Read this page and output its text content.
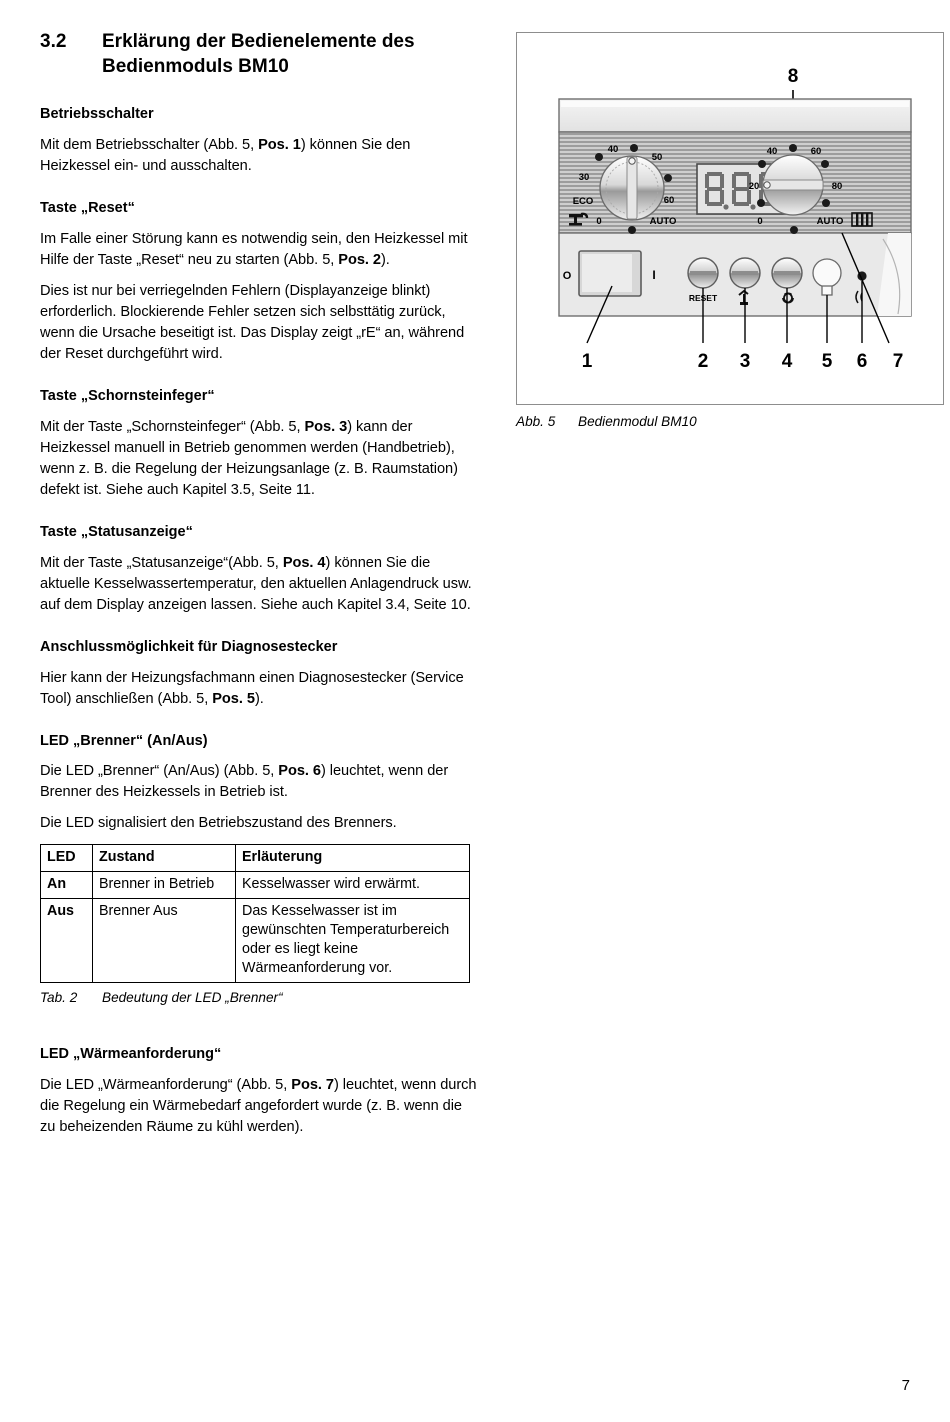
3.2	Erklärung der Bedienelemente des Bedienmoduls BM10
Betriebsschalter

Mit dem Betriebsschalter (Abb. 5, Pos. 1) können Sie den Heizkessel ein- und ausschalten.

Taste „Reset“

Im Falle einer Störung kann es notwendig sein, den Heizkessel mit Hilfe der Taste „Reset“ neu zu starten (Abb. 5, Pos. 2).

Dies ist nur bei verriegelnden Fehlern (Displayanzeige blinkt) erforderlich. Blockierende Fehler setzen sich selbsttätig zurück, wenn die Ursache beseitigt ist. Das Display zeigt „rE“ an, während der Reset durchgeführt wird.

Taste „Schornsteinfeger“

Mit der Taste „Schornsteinfeger“ (Abb. 5, Pos. 3) kann der Heizkessel manuell in Betrieb genommen werden (Handbetrieb), wenn z. B. die Regelung der Heizungsanlage (z. B. Raumstation) defekt ist. Siehe auch Kapitel 3.5, Seite 11.

Taste „Statusanzeige“

Mit der Taste „Statusanzeige“(Abb. 5, Pos. 4) können Sie die aktuelle Kesselwassertemperatur, den aktuellen Anlagendruck usw. auf dem Display anzeigen lassen. Siehe auch Kapitel 3.4, Seite 10.

Anschlussmöglichkeit für Diagnosestecker

Hier kann der Heizungsfachmann einen Diagnosestecker (Service Tool) anschließen (Abb. 5, Pos. 5).

LED „Brenner“ (An/Aus)

Die LED „Brenner“ (An/Aus) (Abb. 5, Pos. 6) leuchtet, wenn der Brenner des Heizkessels in Betrieb ist.

Die LED signalisiert den Betriebszustand des Brenners.

LED	Zustand	Erläuterung
An	Brenner in Betrieb	Kesselwasser wird erwärmt.
Aus	Brenner Aus	Das Kesselwasser ist im gewünschten Temperaturbereich oder es liegt keine Wärmeanforderung vor.
Tab. 2	Bedeutung der LED „Brenner“
LED „Wärmeanforderung“

Die LED „Wärmeanforderung“ (Abb. 5, Pos. 7) leuchtet, wenn durch die Regelung ein Wärmebedarf angefordert wurde (z. B. wenn die zu beheizenden Räume zu kühl werden).

8
40
50
30
60
ECO
0	AUTO
40	60
20	80
0	AUTO
O	I
RESET
1	2 3 4 5 6 7
Abb. 5	Bedienmodul BM10
7
